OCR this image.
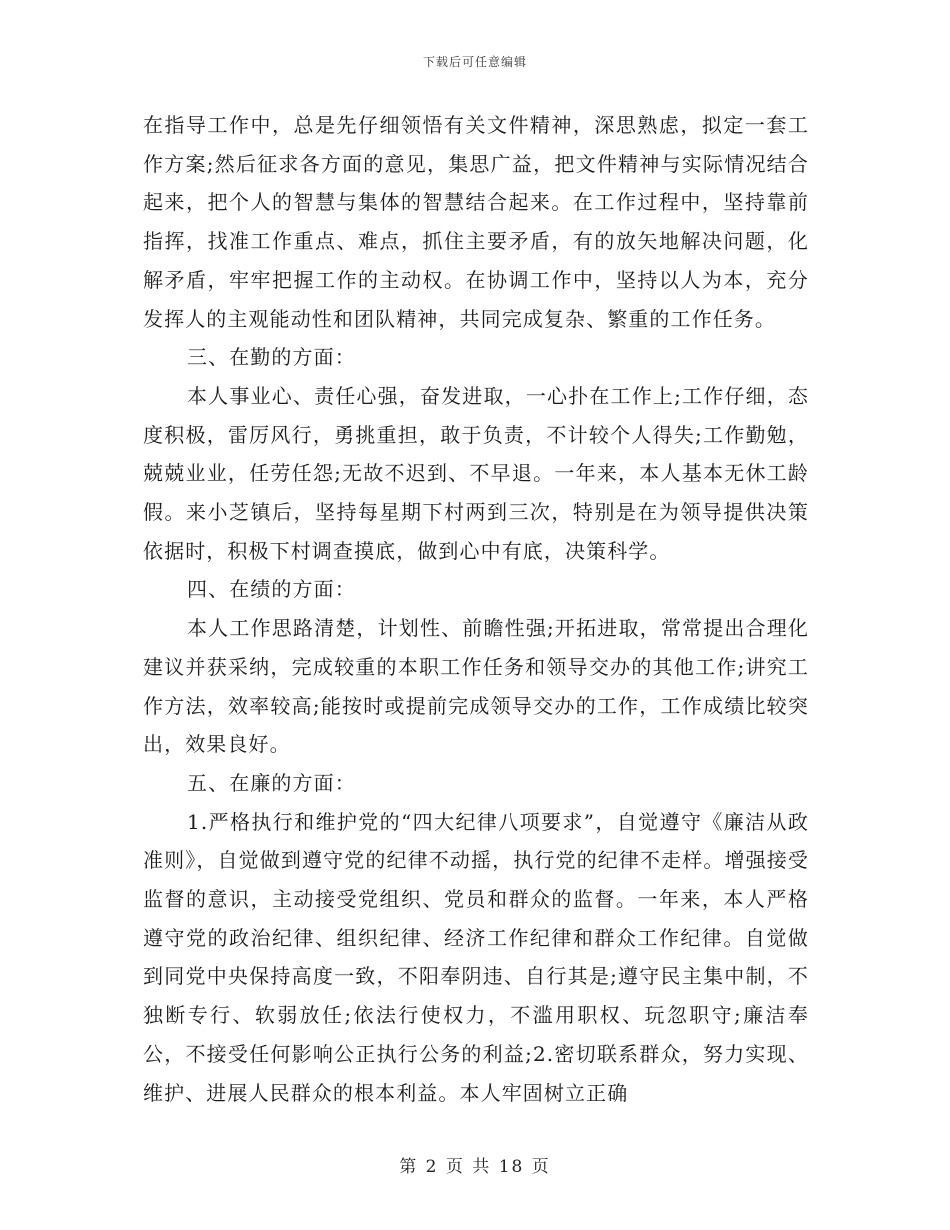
下载后可任意编辑

在指导工作中，总是先仔细领悟有关文件精神，深思熟虑，拟定一套工作方案;然后征求各方面的意见，集思广益，把文件精神与实际情况结合起来，把个人的智慧与集体的智慧结合起来。在工作过程中，坚持靠前指挥，找准工作重点、难点，抓住主要矛盾，有的放矢地解决问题，化解矛盾，牢牢把握工作的主动权。在协调工作中，坚持以人为本，充分发挥人的主观能动性和团队精神，共同完成复杂、繁重的工作任务。

三、在勤的方面：

本人事业心、责任心强，奋发进取，一心扑在工作上;工作仔细，态度积极，雷厉风行，勇挑重担，敢于负责，不计较个人得失;工作勤勉，兢兢业业，任劳任怨;无故不迟到、不早退。一年来，本人基本无休工龄假。来小芝镇后，坚持每星期下村两到三次，特别是在为领导提供决策依据时，积极下村调查摸底，做到心中有底，决策科学。

四、在绩的方面：

本人工作思路清楚，计划性、前瞻性强;开拓进取，常常提出合理化建议并获采纳，完成较重的本职工作任务和领导交办的其他工作;讲究工作方法，效率较高;能按时或提前完成领导交办的工作，工作成绩比较突出，效果良好。

五、在廉的方面：

1.严格执行和维护党的“四大纪律八项要求”，自觉遵守《廉洁从政准则》，自觉做到遵守党的纪律不动摇，执行党的纪律不走样。增强接受监督的意识，主动接受党组织、党员和群众的监督。一年来，本人严格遵守党的政治纪律、组织纪律、经济工作纪律和群众工作纪律。自觉做到同党中央保持高度一致，不阳奉阴违、自行其是;遵守民主集中制，不独断专行、软弱放任;依法行使权力，不滥用职权、玩忽职守;廉洁奉公，不接受任何影响公正执行公务的利益;2.密切联系群众，努力实现、维护、进展人民群众的根本利益。本人牢固树立正确

第 2 页 共 18 页
